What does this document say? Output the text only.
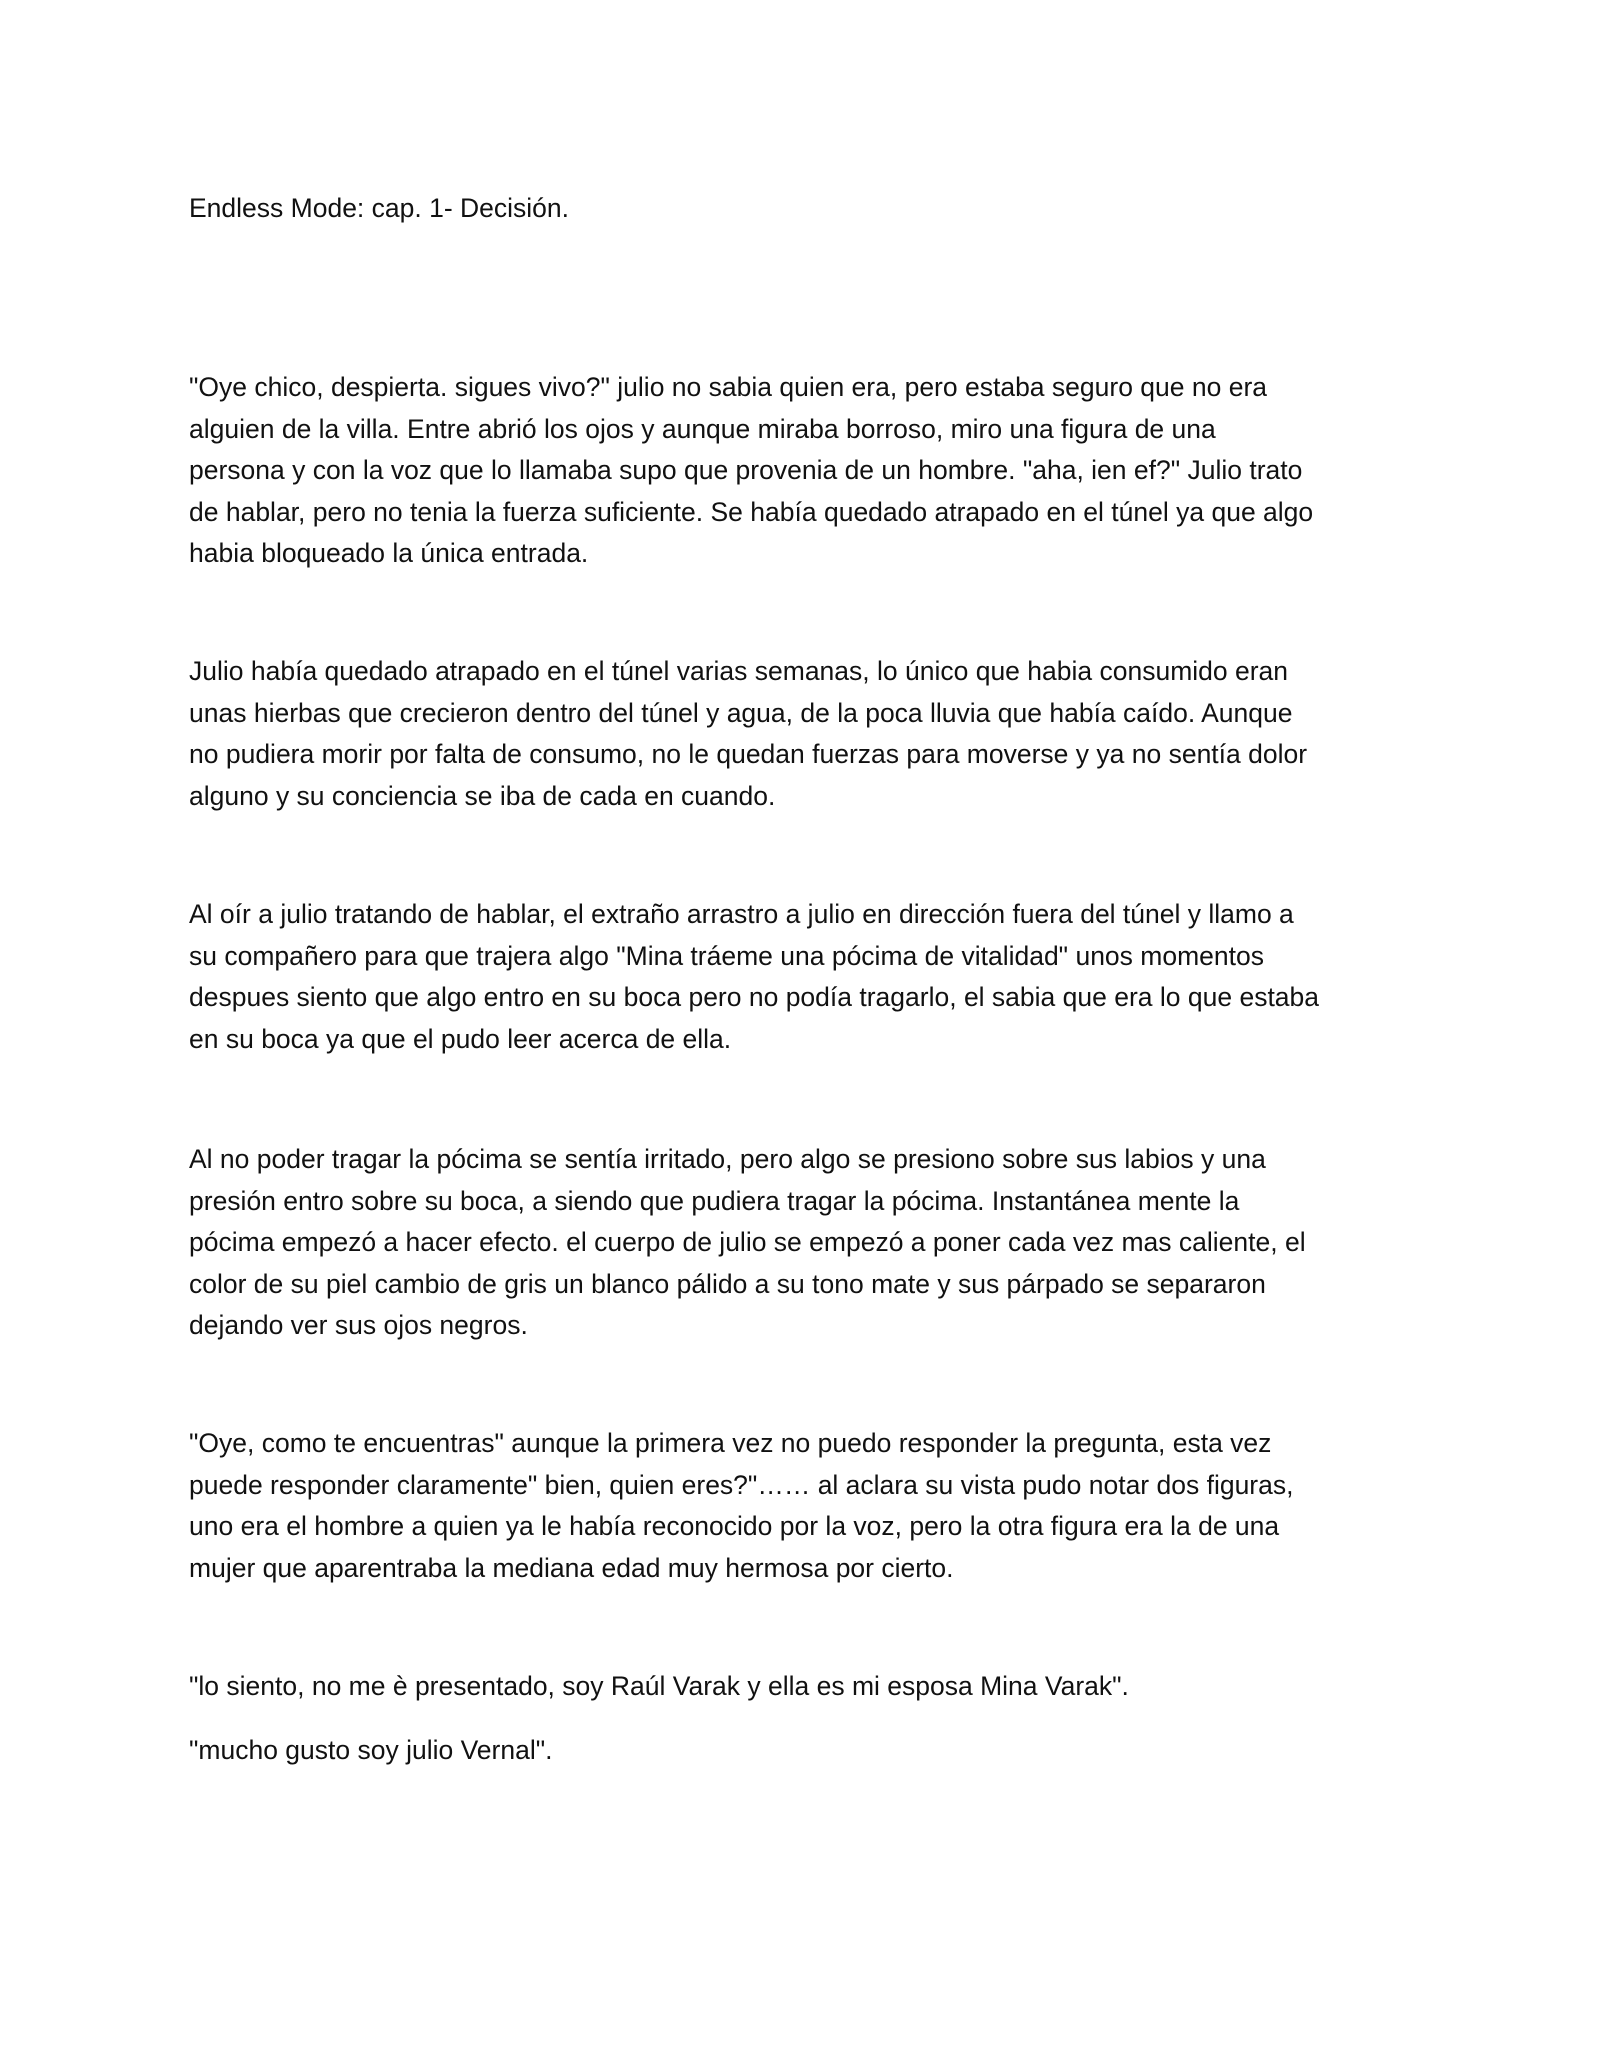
Endless Mode: cap. 1- Decisión.

"Oye chico, despierta. sigues vivo?" julio no sabia quien era, pero estaba seguro que no era
alguien de la villa. Entre abrió los ojos y aunque miraba borroso, miro una figura de una
persona y con la voz que lo llamaba supo que provenia de un hombre. "aha, ien ef?" Julio trato
de hablar, pero no tenia la fuerza suficiente. Se había quedado atrapado en el túnel ya que algo
habia bloqueado la única entrada.

Julio había quedado atrapado en el túnel varias semanas, lo único que habia consumido eran
unas hierbas que crecieron dentro del túnel y agua, de la poca lluvia que había caído. Aunque
no pudiera morir por falta de consumo, no le quedan fuerzas para moverse y ya no sentía dolor
alguno y su conciencia se iba de cada en cuando.

Al oír a julio tratando de hablar, el extraño arrastro a julio en dirección fuera del túnel y llamo a
su compañero para que trajera algo "Mina tráeme una pócima de vitalidad" unos momentos
despues siento que algo entro en su boca pero no podía tragarlo, el sabia que era lo que estaba
en su boca ya que el pudo leer acerca de ella.

Al no poder tragar la pócima se sentía irritado, pero algo se presiono sobre sus labios y una
presión entro sobre su boca, a siendo que pudiera tragar la pócima. Instantánea mente la
pócima empezó a hacer efecto. el cuerpo de julio se empezó a poner cada vez mas caliente, el
color de su piel cambio de gris un blanco pálido a su tono mate y sus párpado se separaron
dejando ver sus ojos negros.

"Oye, como te encuentras" aunque la primera vez no puedo responder la pregunta, esta vez
puede responder claramente" bien, quien eres?"…… al aclara su vista pudo notar dos figuras,
uno era el hombre a quien ya le había reconocido por la voz, pero la otra figura era la de una
mujer que aparentraba la mediana edad muy hermosa por cierto.

"lo siento, no me è presentado, soy Raúl Varak y ella es mi esposa Mina Varak".

"mucho gusto soy julio Vernal".
